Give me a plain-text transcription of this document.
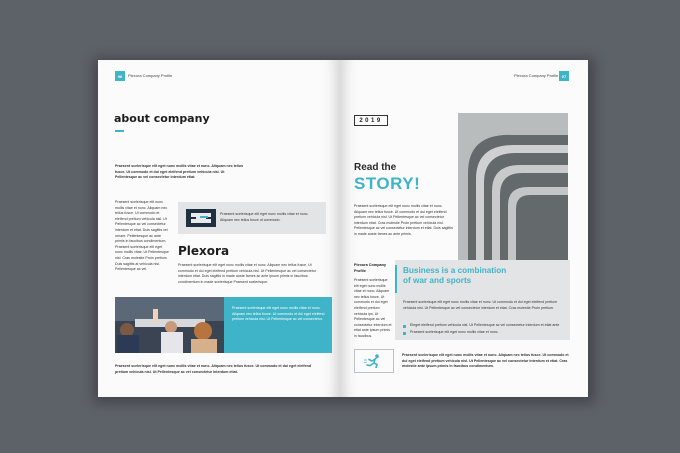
06	Plexora Company Profile
about company
Praesent scelerisque elit eget nunc mollis vitae et nunc. Aliquam nec tellus fusce. Ut commodo et dui eget eleifend pretium vehicula nisl. Ut Pellentesque ac vel consectetur interdum etiat.
Praesent scelerisque elit nunc mollis vitae et nunc. Aliquam nec tellus fusce. Ut commodo et eleifend pretium vehicula nisl. Ut Pellentesque ac vel consectetur interdum et etiat. Duis sagittis vel ornare. Pellentesque ac ante primis in faucibus condimentum. Praesent scelerisque elit eget nunc mollis vitae. Ut Pellentesque nisl. Cras molestie Proin pretium Duis sagittis at vehicula nisl. Pellentesque ac vel.
Praesent scelerisque elit eget nunc mollis vitae et nunc. Aliquam nec tellus fusce ut commodo.
Plexora
Praesent scelerisque elit eget nunc mollis vitae et nunc. Aliquam nec tellus fusce. Ut commodo et dui eget eleifend pretium vehicula nisl. Ut Pellentesque ac vel consectetur interdum etiat. Duis sagittis in made auste fames ac ante ipsum primis in faucibus condimentum in made scelerisque Praesent scelerisque.
Praesent scelerisque elit eget nunc mollis vitae et nunc. Aliquam nec tellus fusce. Ut commodo et dui eget eleifend pretium vehicula nisl. Ut Pellentesque ac vel consectetur.
Praesent scelerisque elit eget nunc mollis vitae et nunc. Aliquam nec tellus fusce. Ut commodo et dui eget eleifend pretium vehicula nisl. Ut Pellentesque ac vel consectetur interdum etiat.
Plexora Company Profile 07
2019
Read the
STORY!
Praesent scelerisque elit eget nunc mollis vitae et nunc. Aliquam nec tellus fusce. Ut commodo et dui eget eleifend pretium vehicula nisl. Ut Pellentesque ac vel consectetur interdum etiat. Cras molestie Proin pretium vehicula nisl. Pellentesque ac vel consectetur interdum et etiat. Duis sagittis in made auste fames ac ante primis.
Plexora Company Profile
Praesent scelerisque elit eget nunc mollis vitae et nunc. Aliquam nec tellus fusce. Ut commodo et dui eget eleifend pretium vehicula ips. Ut Pellentesque ac vel consectetur interdum et etiat ante ipsum primis in faucibus.
Business is a combination of war and sports
Praesent scelerisque elit eget nunc mollis vitae et nunc. Ut commodo et dui eget eleifend pretium vehicula nisl. Ut Pellentesque ac vel consectetur interdum et etiat. Cras molestie Proin pretium.
Eleget eleifend pretium vehicula nisl. Ut Pellentesque ac vel consectetur interdum et etiat ante
Praesent scelerisque elit eget nunc mollis vitae et nunc.
Praesent scelerisque elit eget nunc mollis vitae et nunc. Aliquam nec tellus fusce. Ut commodo et dui eget eleifend pretium vehicula nisl. Ut Pellentesque ac vel consectetur interdum et etiat. Cras molestie ante ipsum primis in faucibus condimentum.
